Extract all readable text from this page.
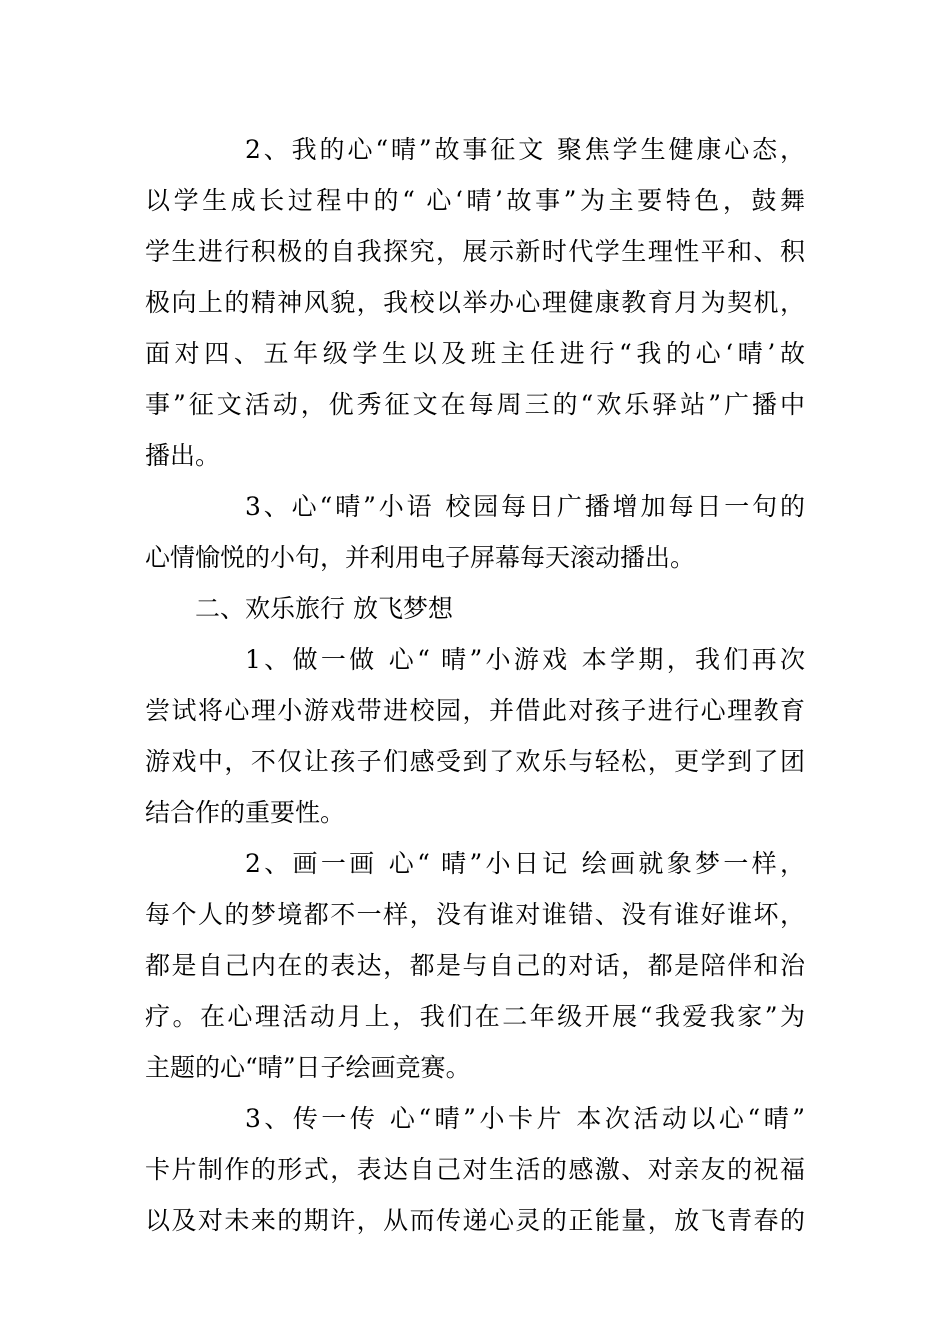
2、我的心“晴”故事征文 聚焦学生健康心态，
以学生成长过程中的“ 心‘晴’故事”为主要特色，鼓舞
学生进行积极的自我探究，展示新时代学生理性平和、积
极向上的精神风貌，我校以举办心理健康教育月为契机，
面对四、五年级学生以及班主任进行“我的心‘晴’故
事”征文活动，优秀征文在每周三的“欢乐驿站”广播中
播出。
3、心“晴”小语 校园每日广播增加每日一句的
心情愉悦的小句，并利用电子屏幕每天滚动播出。
二、欢乐旅行 放飞梦想
1、做一做 心“ 晴”小游戏 本学期，我们再次
尝试将心理小游戏带进校园，并借此对孩子进行心理教育
游戏中，不仅让孩子们感受到了欢乐与轻松，更学到了团
结合作的重要性。
2、画一画 心“ 晴”小日记 绘画就象梦一样，
每个人的梦境都不一样，没有谁对谁错、没有谁好谁坏，
都是自己内在的表达，都是与自己的对话，都是陪伴和治
疗。在心理活动月上，我们在二年级开展“我爱我家”为
主题的心“晴”日子绘画竞赛。
3、传一传 心“晴”小卡片 本次活动以心“晴”
卡片制作的形式，表达自己对生活的感激、对亲友的祝福
以及对未来的期许，从而传递心灵的正能量，放飞青春的
